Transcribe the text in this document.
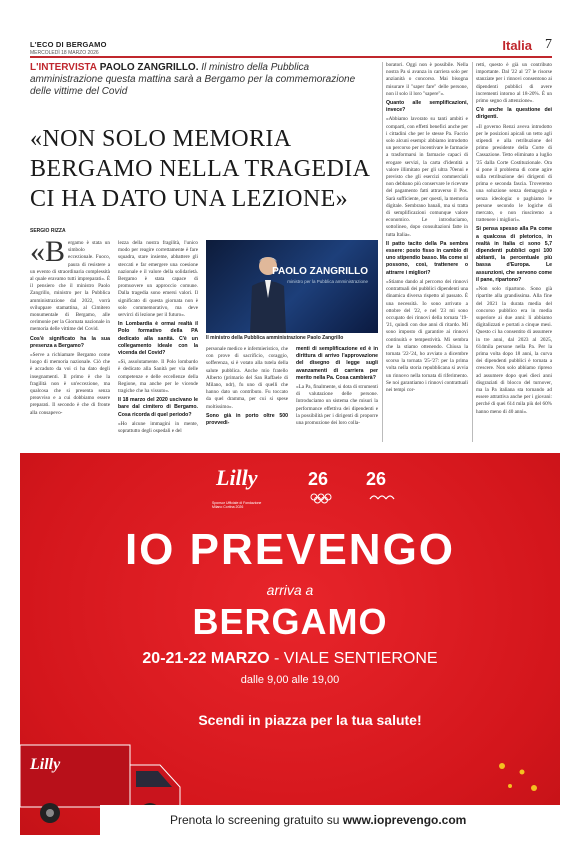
L'ECO DI BERGAMO
MERCOLEDÌ 18 MARZO 2026	Italia 7
L'INTERVISTA PAOLO ZANGRILLO. Il ministro della Pubblica amministrazione questa mattina sarà a Bergamo per la commemorazione delle vittime del Covid
«NON SOLO MEMORIA BERGAMO NELLA TRAGEDIA CI HA DATO UNA LEZIONE»
SERGIO RIZZA

«Bergamo è stata un simbolo eccezionale. Fuoco, paura di resistere a un evento di straordinaria complessità al quale eravamo tutti impreparati». È il pensiero che il ministro Paolo Zangrillo, ministro per la Pubblica amministrazione dal 2022, vorrà sviluppare stamattina, al Cimitero monumentale di Bergamo, alle cerimonie per la Giornata nazionale in memoria delle vittime del Covid.

Cos'è significato ha la sua presenza a Bergamo?

«Serve a richiamare Bergamo come luogo di memoria nazionale. Ciò che è accaduto da voi ci ha dato degli insegnamenti. Il primo è che la fragilità non è un'eccezione, ma qualcosa che si presenta senza preavviso e a cui dobbiamo essere preparati. Il secondo è che di fronte alla consapevo-

lezza della nostra fragilità, l'unico modo per reagire correttamente è fare squadra, stare insieme, abbattere gli steccati e far emergere una coesione nazionale e il valore della solidarietà. Bergamo è stata capace di promuovere un approccio comune. Dalla tragedia sono emersi valori. Il significato di questa giornata non è solo commemorativo, ma deve servirci di lezione per il futuro».

In Lombardia è ormai realtà il Polo formativo della PA dedicato alla sanità. C'è un collegamento ideale con la vicenda del Covid?

«Sì, assolutamente. Il Polo lombardo è dedicato alla Sanità per via delle competenze e delle eccellenze della Regione, ma anche per le vicende tragiche che ha vissuto».

Il 18 marzo del 2020 uscivano le bare dal cimitero di Bergamo. Cosa ricorda di quel periodo?

«Ho alcune immagini in mente, soprattutto degli ospedali e del

PAOLO ZANGRILLO
ministro per la Pubblica amministrazione
Il ministro della Pubblica amministrazione Paolo Zangrillo

personale medico e infermieristico, che con prove di sacrificio, coraggio, sofferenza, si è votato alla tutela della salute pubblica. Anche mio fratello Alberto (primario del San Raffaele di Milano, ndr), fu uno di quelli che hanno dato un contributo. Fu toccato da quel dramma, per cui si spese moltissimo».

Sono già in porto oltre 500 provvedi-

menti di semplificazione ed è in dirittura di arrivo l'approvazione del disegno di legge sugli avanzamenti di carriera per merito nella Pa. Cosa cambierà?

«La Pa, finalmente, si dota di strumenti di valutazione delle persone. Introduciamo un sistema che misuri la performance effettiva dei dipendenti e la possibilità per i dirigenti di proporre una promozione dei loro colla-

boratori. Oggi non è possibile. Nella nostra Pa si avanza in carriera solo per anzianità o concorso. Mai bisogna misurare il "saper fare" delle persone, non il solo il loro "sapere"».

Quanto alle semplificazioni, invece?

«Abbiamo lavorato su tanti ambiti e compartì, con effetti benefici anche per i cittadini che per le stesse Pa. Faccio solo alcuni esempi: abbiamo introdotto un percorso per incentivare le farmacie a trasformarsi in farmacie capaci di erogare servizi, la carta d'identità a valore illimitato per gli ultra 70enni e previsto che gli esercizi commerciali non debbano più conservare le ricevute del pagamento fatti attraverso il Pos. Sarà sufficiente, per questi, la memoria digitale. Sembrano banali, ma si tratta di semplificazioni comunque valore economico. Le introduciamo, sottolineo, dopo consultazioni fatte in tutta Italia».

Il patto tacito della Pa sembra essere: posto fisso in cambio di uno stipendio basso. Ma come si possono, così, trattenere o attrarre i migliori?

«Stiamo dando al percorso dei rinnovi contrattuali dei pubblici dipendenti una dinamica diversa rispetto al passato. È una necessità. Io sono arrivato a ottobre del '22, e nel '23 mi sono occupato dei rinnovi della tornata '19-'21, quindi con due anni di ritardo. Mi sono imposto di garantire ai rinnovi continuità e tempestività. Mi sembra che la stiamo ottenendo. Chiusa la tornata '22-'24, ho avviato a dicembre scorso la tornata '25-'27: per la prima volta nella storia repubblicana si avvia un rinnovo nella tornata di riferimento. Se noi garantiamo i rinnovi contrattuali nei tempi cor-

retti, questo è già un contributo importante. Dal '22 al '27 le risorse stanziate per i rinnovi consentono ai dipendenti pubblici di avere incrementi intorno al 18-20%. È un primo segno di attenzione».

C'è anche la questione dei dirigenti.

«Il governo Renzi aveva introdotto per le posizioni apicali un tetto agli stipendi e alla retribuzione del primo presidente della Corte di Cassazione. Tetto eliminato a luglio '25 dalla Corte Costituzionale. Ora si pone il problema di come agire sulla retribuzione dei dirigenti di prima e seconda fascia. Troveremo una soluzione senza demagogia e senza ideologia: o paghiamo le persone secondo le logiche di mercato, o non riusciremo a trattenere i migliori».

Si pensa spesso alla Pa come a qualcosa di pletorico, in realtà in Italia ci sono 5,7 dipendenti pubblici ogni 100 abitanti, la percentuale più bassa d'Europa. Le assunzioni, che servono come il pane, ripartono?

«Non solo ripartono. Sono già ripartite alla grandissima. Alla fine del 2021 la durata media del concorso pubblico era in media superiore ai due anni: li abbiamo digitalizzati e portati a cinque mesi. Questo ci ha consentito di assumere in tre anni, dal 2023 al 2025, 614mila persone nella Pa. Per la prima volta dopo 18 anni, la curva dei dipendenti pubblici è tornata a crescere. Non solo abbiamo ripreso ad assumere dopo quei dieci anni disgraziati di blocco del turnover, ma la Pa italiana sta tornando ad essere attrattiva anche per i giovani: perché di quei 614 mila più del 60% hanno meno di 40 anni».

Lilly
Sponsor Ufficiale di Fondazione Milano Cortina 2026
26 26
IO PREVENGO
arriva a
BERGAMO
20-21-22 MARZO - VIALE SENTIERONE
dalle 9,00 alle 19,00
Scendi in piazza per la tua salute!
Lilly
Prenota lo screening gratuito su www.ioprevengo.com
